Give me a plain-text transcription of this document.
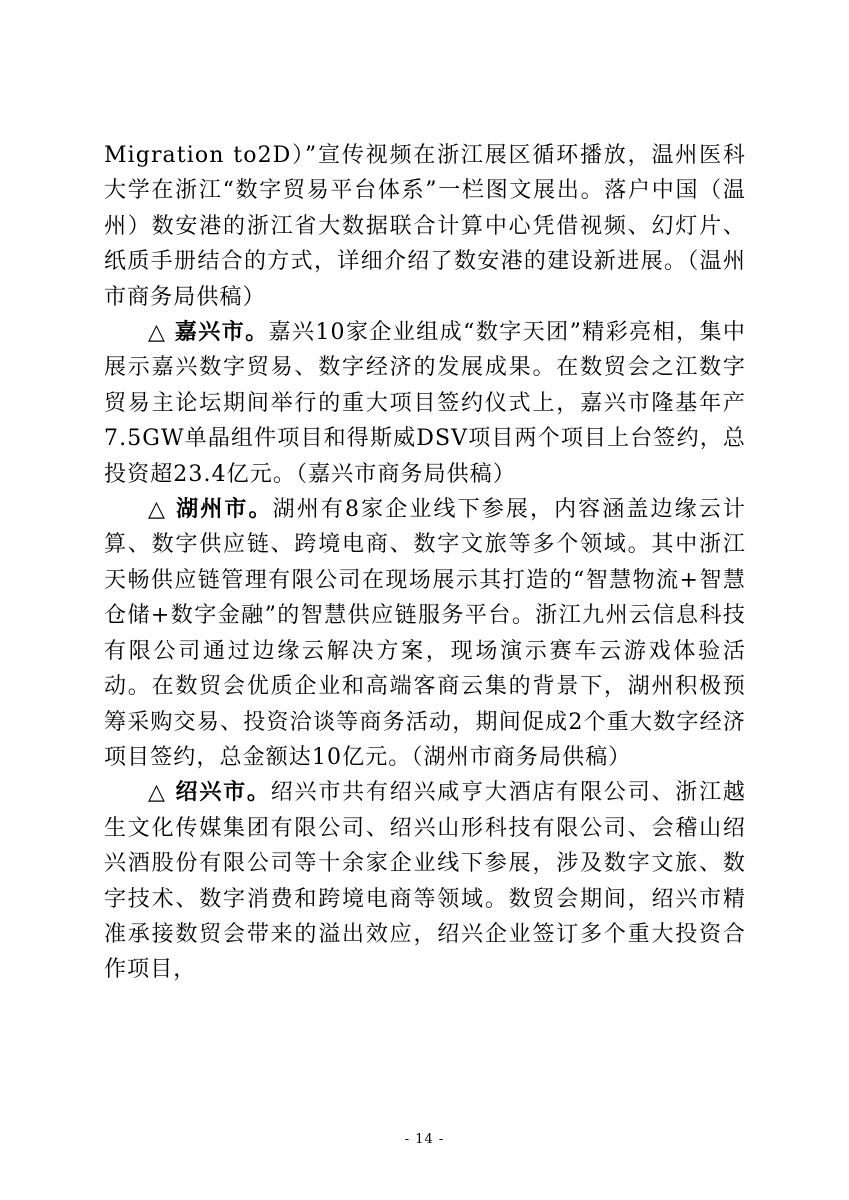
Migration to2D）”宣传视频在浙江展区循环播放，温州医科大学在浙江“数字贸易平台体系”一栏图文展出。落户中国（温州）数安港的浙江省大数据联合计算中心凭借视频、幻灯片、纸质手册结合的方式，详细介绍了数安港的建设新进展。（温州市商务局供稿）

△ 嘉兴市。嘉兴10家企业组成“数字天团”精彩亮相，集中展示嘉兴数字贸易、数字经济的发展成果。在数贸会之江数字贸易主论坛期间举行的重大项目签约仪式上，嘉兴市隆基年产7.5GW单晶组件项目和得斯威DSV项目两个项目上台签约，总投资超23.4亿元。（嘉兴市商务局供稿）

△ 湖州市。湖州有8家企业线下参展，内容涵盖边缘云计算、数字供应链、跨境电商、数字文旅等多个领域。其中浙江天畅供应链管理有限公司在现场展示其打造的“智慧物流+智慧仓储+数字金融”的智慧供应链服务平台。浙江九州云信息科技有限公司通过边缘云解决方案，现场演示赛车云游戏体验活动。在数贸会优质企业和高端客商云集的背景下，湖州积极预筹采购交易、投资洽谈等商务活动，期间促成2个重大数字经济项目签约，总金额达10亿元。（湖州市商务局供稿）

△ 绍兴市。绍兴市共有绍兴咸亨大酒店有限公司、浙江越生文化传媒集团有限公司、绍兴山形科技有限公司、会稽山绍兴酒股份有限公司等十余家企业线下参展，涉及数字文旅、数字技术、数字消费和跨境电商等领域。数贸会期间，绍兴市精准承接数贸会带来的溢出效应，绍兴企业签订多个重大投资合作项目，

- 14 -
